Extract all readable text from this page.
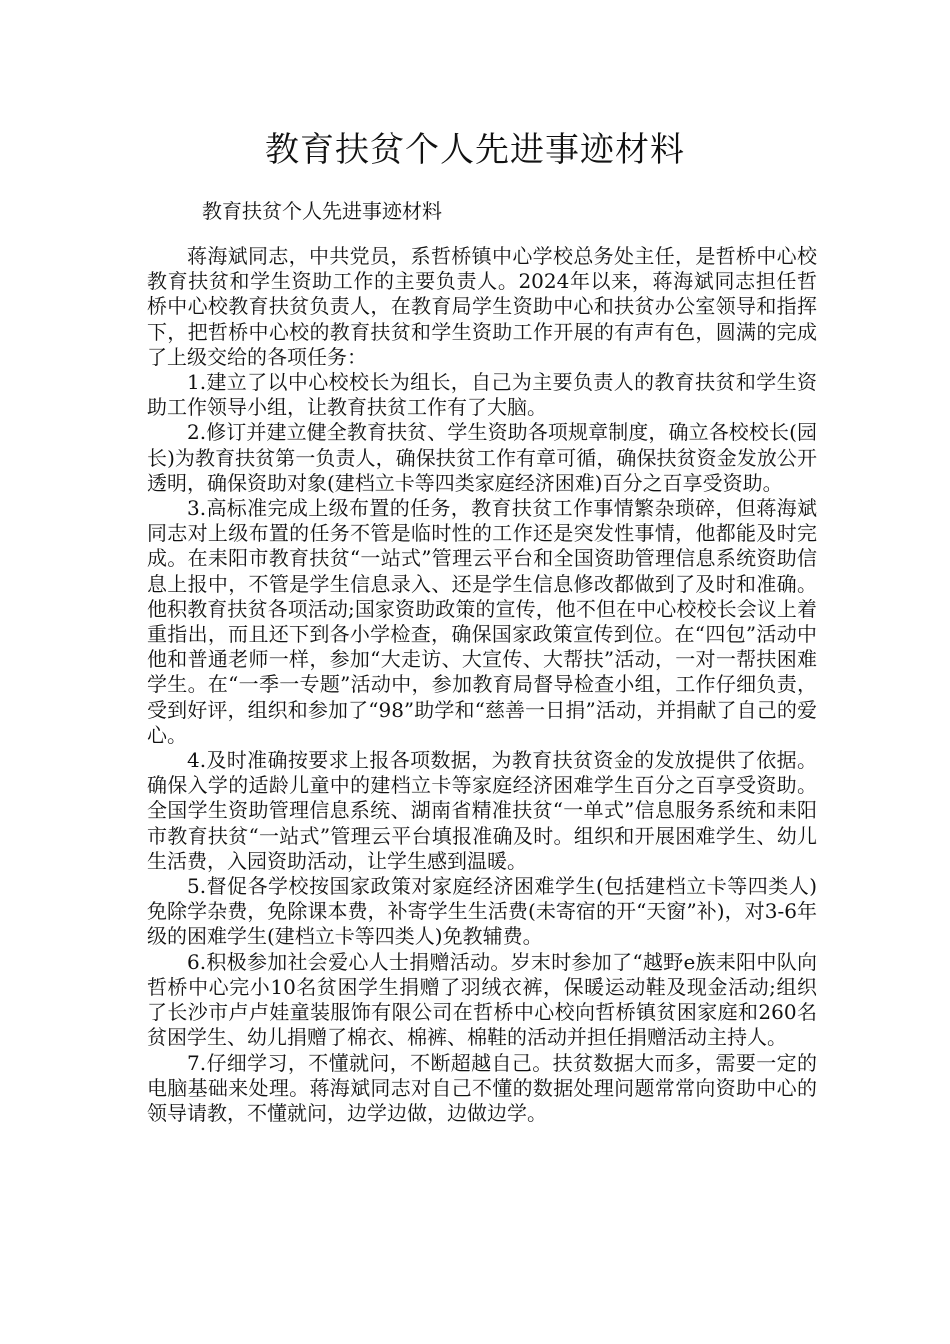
教育扶贫个人先进事迹材料

教育扶贫个人先进事迹材料

蒋海斌同志，中共党员，系哲桥镇中心学校总务处主任，是哲桥中心校教育扶贫和学生资助工作的主要负责人。2024年以来，蒋海斌同志担任哲桥中心校教育扶贫负责人，在教育局学生资助中心和扶贫办公室领导和指挥下，把哲桥中心校的教育扶贫和学生资助工作开展的有声有色，圆满的完成了上级交给的各项任务：

1.建立了以中心校校长为组长，自己为主要负责人的教育扶贫和学生资助工作领导小组，让教育扶贫工作有了大脑。

2.修订并建立健全教育扶贫、学生资助各项规章制度，确立各校校长(园长)为教育扶贫第一负责人，确保扶贫工作有章可循，确保扶贫资金发放公开透明，确保资助对象(建档立卡等四类家庭经济困难)百分之百享受资助。

3.高标准完成上级布置的任务，教育扶贫工作事情繁杂琐碎，但蒋海斌同志对上级布置的任务不管是临时性的工作还是突发性事情，他都能及时完成。在耒阳市教育扶贫“一站式”管理云平台和全国资助管理信息系统资助信息上报中，不管是学生信息录入、还是学生信息修改都做到了及时和准确。他积教育扶贫各项活动;国家资助政策的宣传，他不但在中心校校长会议上着重指出，而且还下到各小学检查，确保国家政策宣传到位。在“四包”活动中他和普通老师一样，参加“大走访、大宣传、大帮扶”活动，一对一帮扶困难学生。在“一季一专题”活动中，参加教育局督导检查小组，工作仔细负责，受到好评，组织和参加了“98”助学和“慈善一日捐”活动，并捐献了自己的爱心。

4.及时准确按要求上报各项数据，为教育扶贫资金的发放提供了依据。确保入学的适龄儿童中的建档立卡等家庭经济困难学生百分之百享受资助。全国学生资助管理信息系统、湖南省精准扶贫“一单式”信息服务系统和耒阳市教育扶贫“一站式”管理云平台填报准确及时。组织和开展困难学生、幼儿生活费，入园资助活动，让学生感到温暖。

5.督促各学校按国家政策对家庭经济困难学生(包括建档立卡等四类人)免除学杂费，免除课本费，补寄学生生活费(未寄宿的开“天窗”补)，对3-6年级的困难学生(建档立卡等四类人)免教辅费。

6.积极参加社会爱心人士捐赠活动。岁末时参加了“越野e族耒阳中队向哲桥中心完小10名贫困学生捐赠了羽绒衣裤，保暖运动鞋及现金活动;组织了长沙市卢卢娃童装服饰有限公司在哲桥中心校向哲桥镇贫困家庭和260名贫困学生、幼儿捐赠了棉衣、棉裤、棉鞋的活动并担任捐赠活动主持人。

7.仔细学习，不懂就问，不断超越自己。扶贫数据大而多，需要一定的电脑基础来处理。蒋海斌同志对自己不懂的数据处理问题常常向资助中心的领导请教，不懂就问，边学边做，边做边学。
